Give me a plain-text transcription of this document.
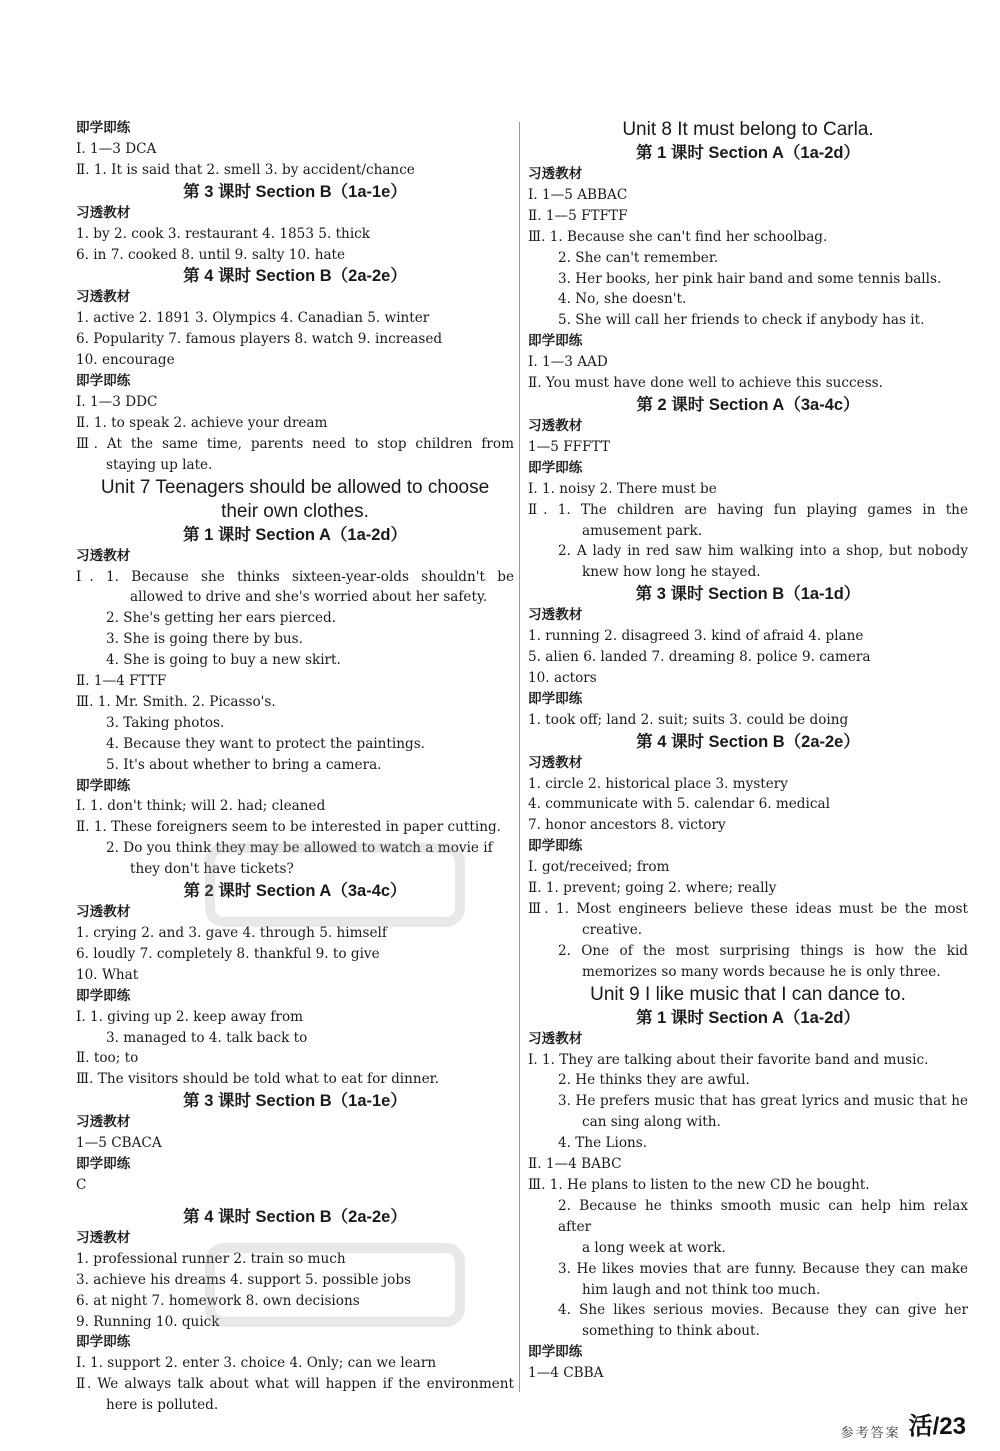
即学即练
Ⅰ. 1—3 DCA
Ⅱ. 1. It is said that 2. smell 3. by accident/chance
第 3 课时 Section B（1a-1e）
习透教材
1. by 2. cook 3. restaurant 4. 1853 5. thick
6. in 7. cooked 8. until 9. salty 10. hate
第 4 课时 Section B（2a-2e）
习透教材
1. active 2. 1891 3. Olympics 4. Canadian 5. winter
6. Popularity 7. famous players 8. watch 9. increased
10. encourage
即学即练
Ⅰ. 1—3 DDC
Ⅱ. 1. to speak 2. achieve your dream
Ⅲ. At the same time, parents need to stop children from
staying up late.
Unit 7 Teenagers should be allowed to choose
their own clothes.
第 1 课时 Section A（1a-2d）
习透教材
Ⅰ. 1. Because she thinks sixteen-year-olds shouldn't be
allowed to drive and she's worried about her safety.
2. She's getting her ears pierced.
3. She is going there by bus.
4. She is going to buy a new skirt.
Ⅱ. 1—4 FTTF
Ⅲ. 1. Mr. Smith. 2. Picasso's.
3. Taking photos.
4. Because they want to protect the paintings.
5. It's about whether to bring a camera.
即学即练
Ⅰ. 1. don't think; will 2. had; cleaned
Ⅱ. 1. These foreigners seem to be interested in paper cutting.
2. Do you think they may be allowed to watch a movie if
they don't have tickets?
第 2 课时 Section A（3a-4c）
习透教材
1. crying 2. and 3. gave 4. through 5. himself
6. loudly 7. completely 8. thankful 9. to give
10. What
即学即练
Ⅰ. 1. giving up 2. keep away from
3. managed to 4. talk back to
Ⅱ. too; to
Ⅲ. The visitors should be told what to eat for dinner.
第 3 课时 Section B（1a-1e）
习透教材
1—5 CBACA
即学即练
C
第 4 课时 Section B（2a-2e）
习透教材
1. professional runner 2. train so much
3. achieve his dreams 4. support 5. possible jobs
6. at night 7. homework 8. own decisions
9. Running 10. quick
即学即练
Ⅰ. 1. support 2. enter 3. choice 4. Only; can we learn
Ⅱ. We always talk about what will happen if the environment
here is polluted.
Unit 8 It must belong to Carla.
第 1 课时 Section A（1a-2d）
习透教材
Ⅰ. 1—5 ABBAC
Ⅱ. 1—5 FTFTF
Ⅲ. 1. Because she can't find her schoolbag.
2. She can't remember.
3. Her books, her pink hair band and some tennis balls.
4. No, she doesn't.
5. She will call her friends to check if anybody has it.
即学即练
Ⅰ. 1—3 AAD
Ⅱ. You must have done well to achieve this success.
第 2 课时 Section A（3a-4c）
习透教材
1—5 FFFTT
即学即练
Ⅰ. 1. noisy 2. There must be
Ⅱ. 1. The children are having fun playing games in the
amusement park.
2. A lady in red saw him walking into a shop, but nobody
knew how long he stayed.
第 3 课时 Section B（1a-1d）
习透教材
1. running 2. disagreed 3. kind of afraid 4. plane
5. alien 6. landed 7. dreaming 8. police 9. camera
10. actors
即学即练
1. took off; land 2. suit; suits 3. could be doing
第 4 课时 Section B（2a-2e）
习透教材
1. circle 2. historical place 3. mystery
4. communicate with 5. calendar 6. medical
7. honor ancestors 8. victory
即学即练
Ⅰ. got/received; from
Ⅱ. 1. prevent; going 2. where; really
Ⅲ. 1. Most engineers believe these ideas must be the most
creative.
2. One of the most surprising things is how the kid
memorizes so many words because he is only three.
Unit 9 I like music that I can dance to.
第 1 课时 Section A（1a-2d）
习透教材
Ⅰ. 1. They are talking about their favorite band and music.
2. He thinks they are awful.
3. He prefers music that has great lyrics and music that he
can sing along with.
4. The Lions.
Ⅱ. 1—4 BABC
Ⅲ. 1. He plans to listen to the new CD he bought.
2. Because he thinks smooth music can help him relax after
a long week at work.
3. He likes movies that are funny. Because they can make
him laugh and not think too much.
4. She likes serious movies. Because they can give her
something to think about.
即学即练
1—4 CBBA
参考答案 活/23
